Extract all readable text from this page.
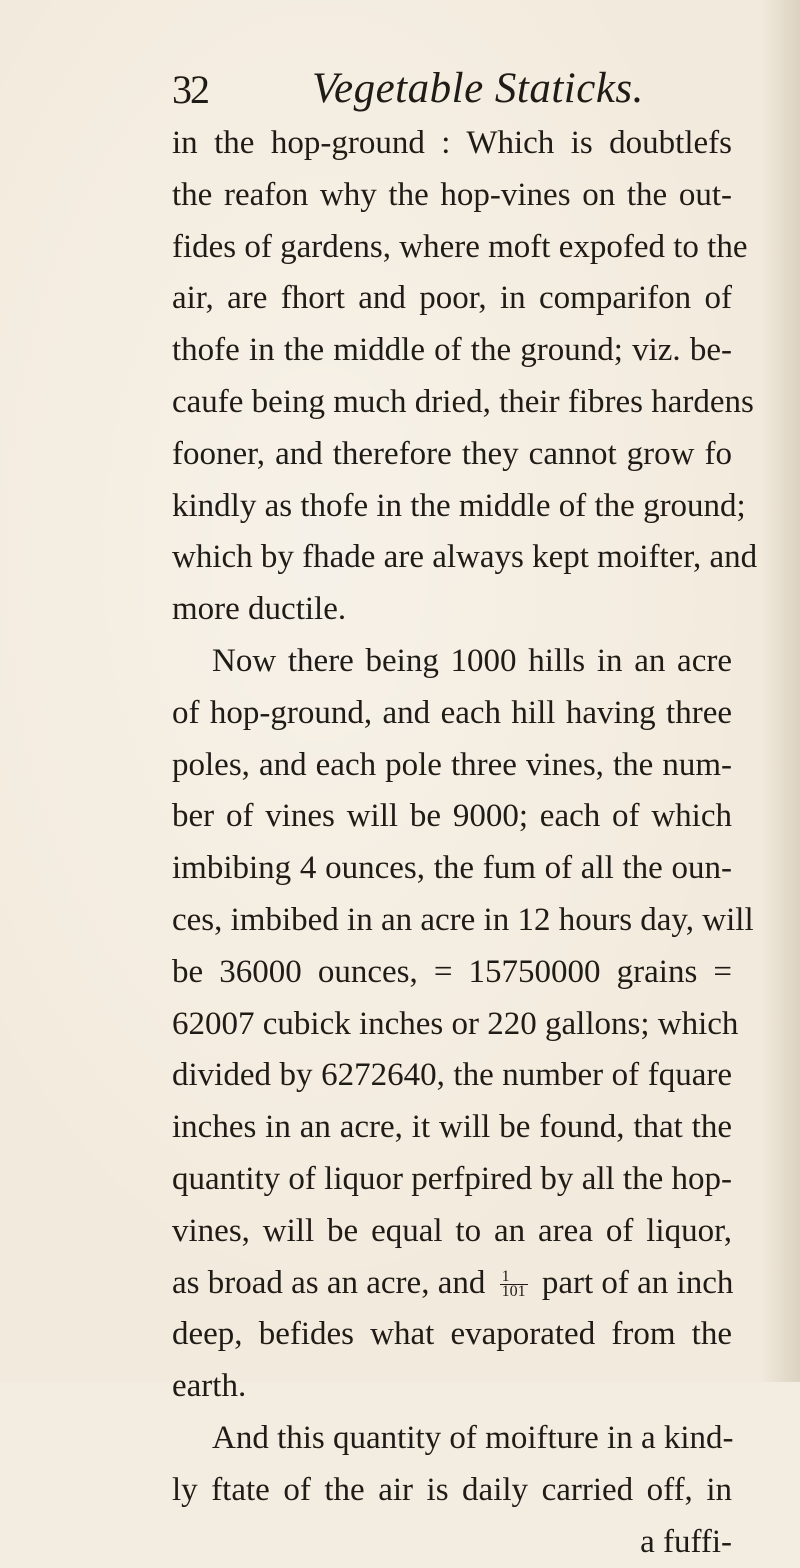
32 Vegetable Staticks.
in the hop-ground : Which is doubtlefs
the reafon why the hop-vines on the out-
fides of gardens, where moft expofed to the
air, are fhort and poor, in comparifon of
thofe in the middle of the ground; viz. be-
caufe being much dried, their fibres hardens
fooner, and therefore they cannot grow fo
kindly as thofe in the middle of the ground;
which by fhade are always kept moifter, and
more ductile.
Now there being 1000 hills in an acre
of hop-ground, and each hill having three
poles, and each pole three vines, the num-
ber of vines will be 9000; each of which
imbibing 4 ounces, the fum of all the oun-
ces, imbibed in an acre in 12 hours day, will
be 36000 ounces, = 15750000 grains =
62007 cubick inches or 220 gallons; which
divided by 6272640, the number of fquare
inches in an acre, it will be found, that the
quantity of liquor perfpired by all the hop-
vines, will be equal to an area of liquor,
as broad as an acre, and $\frac{1}{101}$ part of an inch
deep, befides what evaporated from the
earth.
And this quantity of moifture in a kind-
ly ftate of the air is daily carried off, in
a fuffi-
